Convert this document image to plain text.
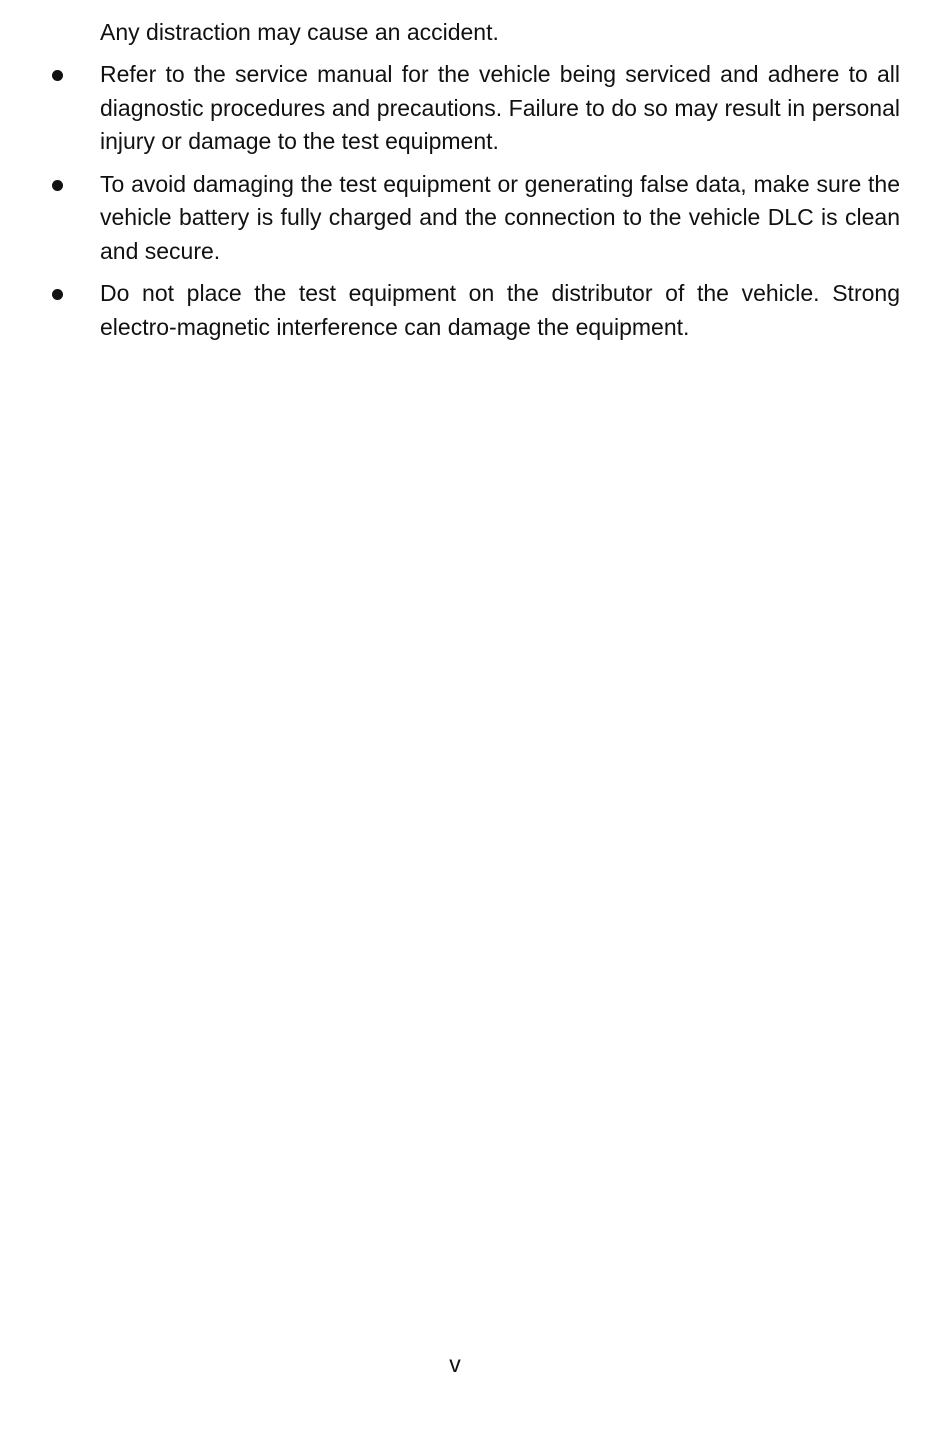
Any distraction may cause an accident.

Refer to the service manual for the vehicle being serviced and adhere to all diagnostic procedures and precautions. Failure to do so may result in personal injury or damage to the test equipment.
To avoid damaging the test equipment or generating false data, make sure the vehicle battery is fully charged and the connection to the vehicle DLC is clean and secure.
Do not place the test equipment on the distributor of the vehicle. Strong electro-magnetic interference can damage the equipment.
v
